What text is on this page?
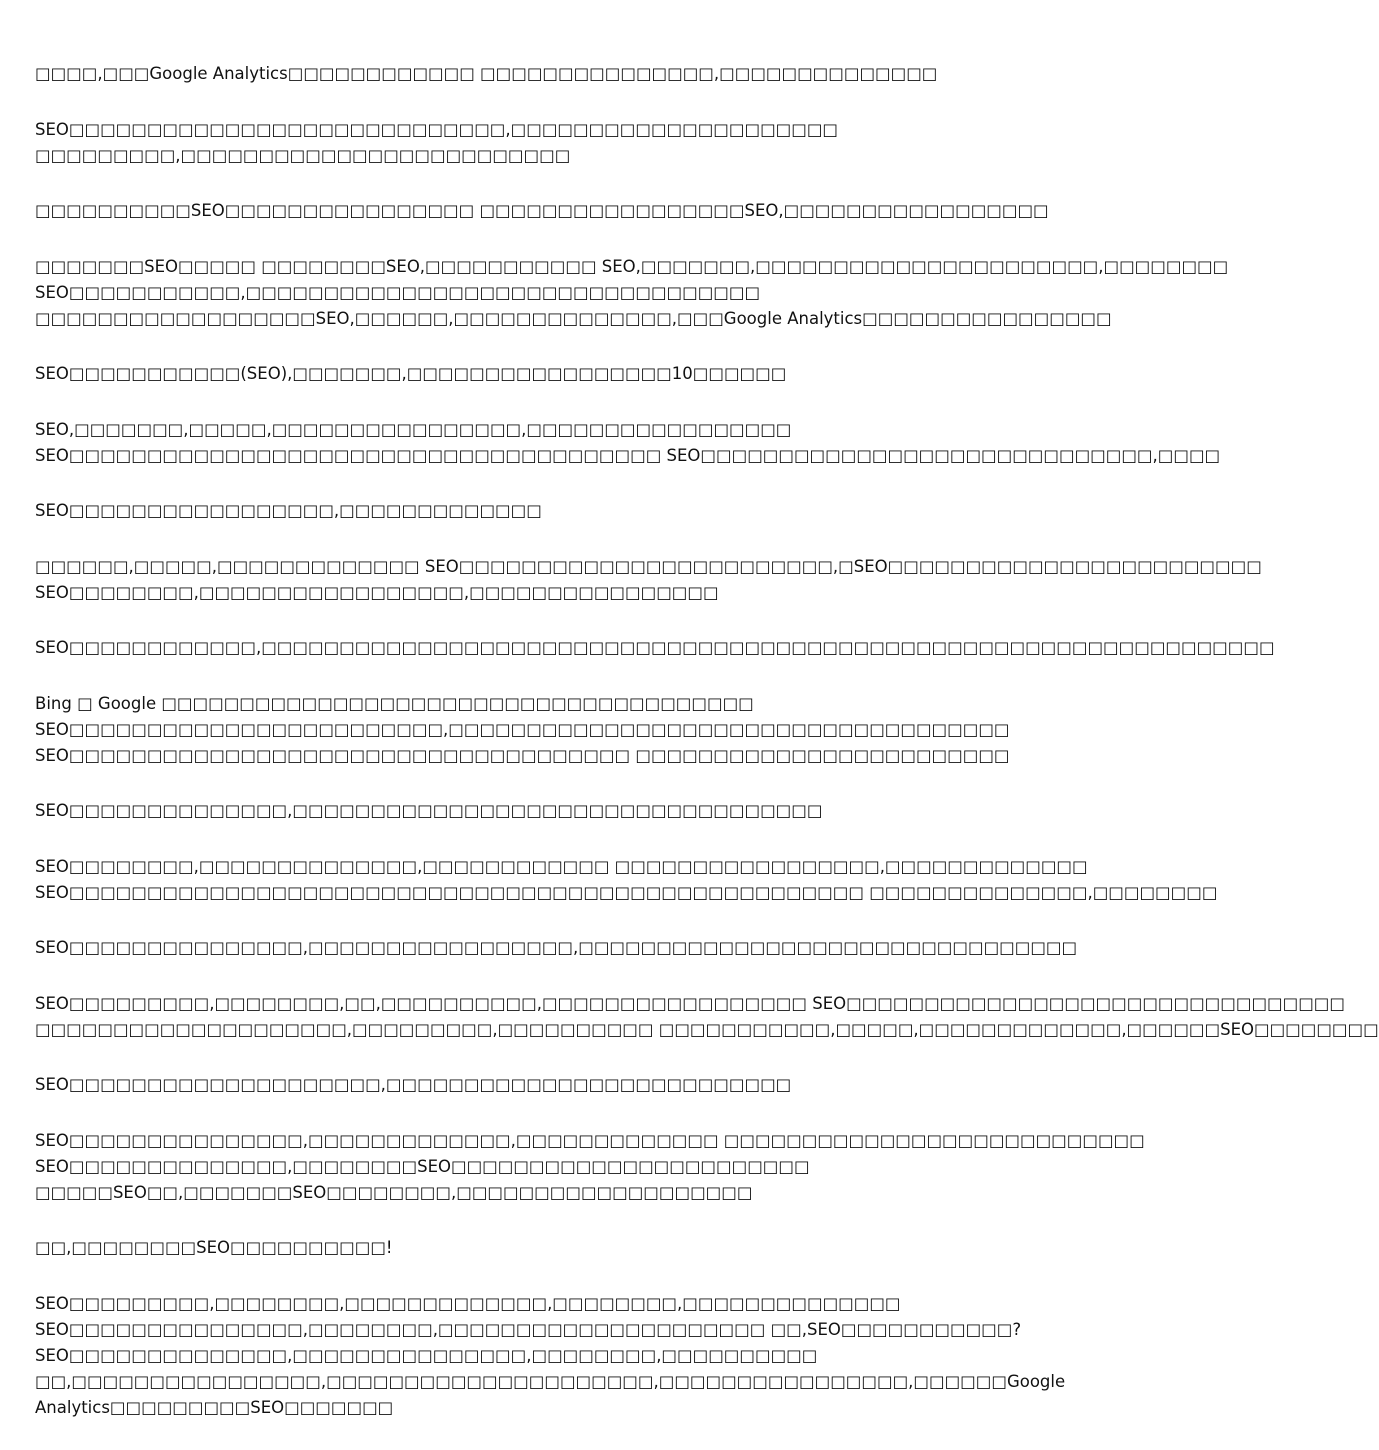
□□□□,□□□Google Analytics□□□□□□□□□□□□ □□□□□□□□□□□□□□□,□□□□□□□□□□□□□□
SEO□□□□□□□□□□□□□□□□□□□□□□□□□□□□,□□□□□□□□□□□□□□□□□□□□□
□□□□□□□□□,□□□□□□□□□□□□□□□□□□□□□□□□□
□□□□□□□□□□SEO□□□□□□□□□□□□□□□□ □□□□□□□□□□□□□□□□□SEO,□□□□□□□□□□□□□□□□□
□□□□□□□SEO□□□□□ □□□□□□□□SEO,□□□□□□□□□□□ SEO,□□□□□□□,□□□□□□□□□□□□□□□□□□□□□□,□□□□□□□□
SEO□□□□□□□□□□□,□□□□□□□□□□□□□□□□□□□□□□□□□□□□□□□□□
□□□□□□□□□□□□□□□□□□SEO,□□□□□□,□□□□□□□□□□□□□□,□□□Google Analytics□□□□□□□□□□□□□□□□
SEO□□□□□□□□□□□(SEO),□□□□□□□,□□□□□□□□□□□□□□□□□10□□□□□□
SEO,□□□□□□□,□□□□□,□□□□□□□□□□□□□□□□,□□□□□□□□□□□□□□□□□
SEO□□□□□□□□□□□□□□□□□□□□□□□□□□□□□□□□□□□□□□ SEO□□□□□□□□□□□□□□□□□□□□□□□□□□□□□,□□□□
SEO□□□□□□□□□□□□□□□□□,□□□□□□□□□□□□□
□□□□□□,□□□□□,□□□□□□□□□□□□□ SEO□□□□□□□□□□□□□□□□□□□□□□□□,□SEO□□□□□□□□□□□□□□□□□□□□□□□□
SEO□□□□□□□□,□□□□□□□□□□□□□□□□□,□□□□□□□□□□□□□□□□
SEO□□□□□□□□□□□□,□□□□□□□□□□□□□□□□□□□□□□□□□□□□□□□□□□□□□□□□□□□□□□□□□□□□□□□□□□□□□□□□□
Bing □ Google □□□□□□□□□□□□□□□□□□□□□□□□□□□□□□□□□□□□□□
SEO□□□□□□□□□□□□□□□□□□□□□□□□,□□□□□□□□□□□□□□□□□□□□□□□□□□□□□□□□□□□□
SEO□□□□□□□□□□□□□□□□□□□□□□□□□□□□□□□□□□□□ □□□□□□□□□□□□□□□□□□□□□□□□
SEO□□□□□□□□□□□□□□,□□□□□□□□□□□□□□□□□□□□□□□□□□□□□□□□□□
SEO□□□□□□□□,□□□□□□□□□□□□□□,□□□□□□□□□□□□ □□□□□□□□□□□□□□□□□,□□□□□□□□□□□□□
SEO□□□□□□□□□□□□□□□□□□□□□□□□□□□□□□□□□□□□□□□□□□□□□□□□□□□ □□□□□□□□□□□□□□,□□□□□□□□
SEO□□□□□□□□□□□□□□□,□□□□□□□□□□□□□□□□□,□□□□□□□□□□□□□□□□□□□□□□□□□□□□□□□□
SEO□□□□□□□□□,□□□□□□□□,□□,□□□□□□□□□□,□□□□□□□□□□□□□□□□□ SEO□□□□□□□□□□□□□□□□□□□□□□□□□□□□□□□□
□□□□□□□□□□□□□□□□□□□□,□□□□□□□□□,□□□□□□□□□□ □□□□□□□□□□□,□□□□□,□□□□□□□□□□□□□,□□□□□□SEO□□□□□□□□
SEO□□□□□□□□□□□□□□□□□□□□,□□□□□□□□□□□□□□□□□□□□□□□□□□
SEO□□□□□□□□□□□□□□□,□□□□□□□□□□□□□,□□□□□□□□□□□□□ □□□□□□□□□□□□□□□□□□□□□□□□□□□
SEO□□□□□□□□□□□□□□,□□□□□□□□SEO□□□□□□□□□□□□□□□□□□□□□□□
□□□□□SEO□□,□□□□□□□SEO□□□□□□□□,□□□□□□□□□□□□□□□□□□□
□□,□□□□□□□□SEO□□□□□□□□□□!
SEO□□□□□□□□□,□□□□□□□□,□□□□□□□□□□□□□,□□□□□□□□,□□□□□□□□□□□□□□
SEO□□□□□□□□□□□□□□□,□□□□□□□□,□□□□□□□□□□□□□□□□□□□□□ □□,SEO□□□□□□□□□□□?
SEO□□□□□□□□□□□□□□,□□□□□□□□□□□□□□□,□□□□□□□□,□□□□□□□□□□
□□,□□□□□□□□□□□□□□□□,□□□□□□□□□□□□□□□□□□□□□,□□□□□□□□□□□□□□□□,□□□□□□Google
Analytics□□□□□□□□□SEO□□□□□□□
